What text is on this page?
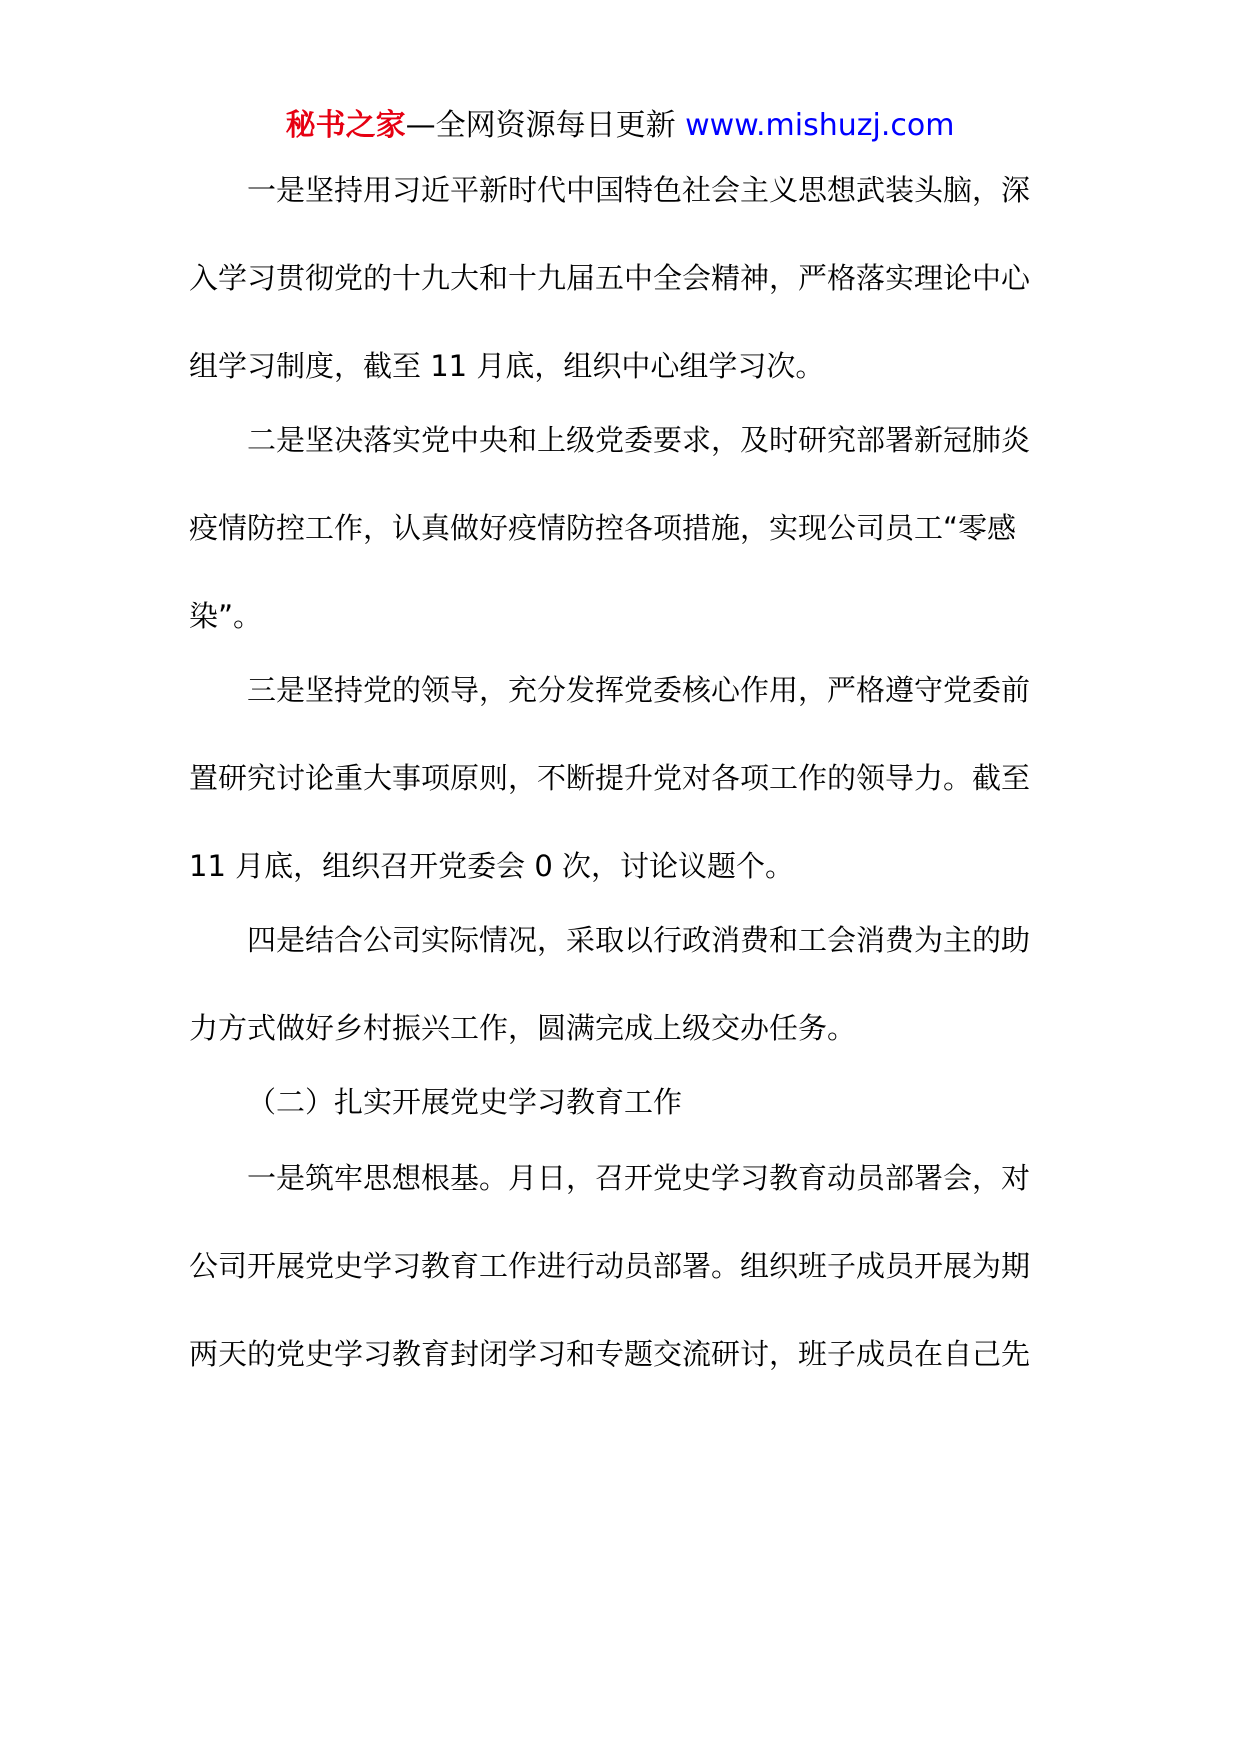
秘书之家—全网资源每日更新 www.mishuzj.com
一是坚持用习近平新时代中国特色社会主义思想武装头脑，深
入学习贯彻党的十九大和十九届五中全会精神，严格落实理论中心
组学习制度，截至 11 月底，组织中心组学习次。
二是坚决落实党中央和上级党委要求，及时研究部署新冠肺炎
疫情防控工作，认真做好疫情防控各项措施，实现公司员工“零感
染”。
三是坚持党的领导，充分发挥党委核心作用，严格遵守党委前
置研究讨论重大事项原则，不断提升党对各项工作的领导力。截至
11 月底，组织召开党委会 0 次，讨论议题个。
四是结合公司实际情况，采取以行政消费和工会消费为主的助
力方式做好乡村振兴工作，圆满完成上级交办任务。
（二）扎实开展党史学习教育工作
一是筑牢思想根基。月日，召开党史学习教育动员部署会，对
公司开展党史学习教育工作进行动员部署。组织班子成员开展为期
两天的党史学习教育封闭学习和专题交流研讨，班子成员在自己先
